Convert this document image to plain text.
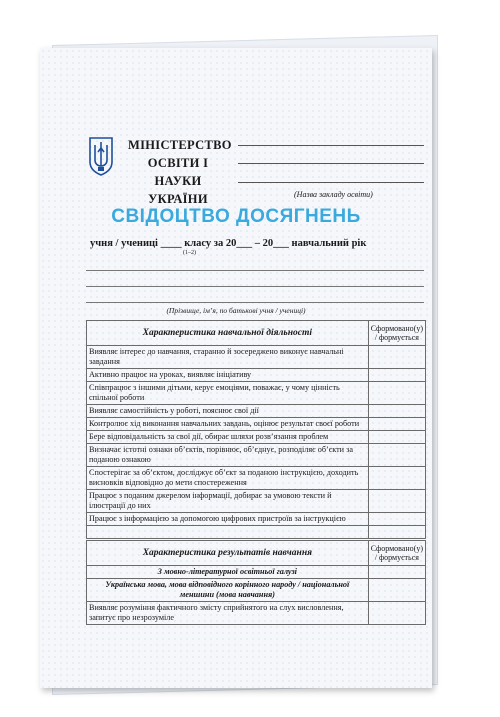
МІНІСТЕРСТВО
ОСВІТИ І НАУКИ
УКРАЇНИ	(Назва закладу освіти)
СВІДОЦТВО ДОСЯГНЕНЬ
учня / учениці ____ класу за 20___ – 20___ навчальний рік
(1–2)
(Прізвище, ім’я, по батькові учня / учениці)
Характеристика навчальної діяльності	Сформовано(у) / формується
Виявляє інтерес до навчання, старанно й зосереджено виконує навчальні завдання	
Активно працює на уроках, виявляє ініціативу	
Співпрацює з іншими дітьми, керує емоціями, поважає, у чому цінність спільної роботи	
Виявляє самостійність у роботі, пояснює свої дії	
Контролює хід виконання навчальних завдань, оцінює результат своєї роботи	
Бере відповідальність за свої дії, обирає шляхи розв’язання проблем	
Визначає істотні ознаки об’єктів, порівнює, об’єднує, розподіляє об’єкти за поданою ознакою	
Спостерігає за об’єктом, досліджує об’єкт за поданою інструкцією, доходить висновків відповідно до мети спостереження	
Працює з поданим джерелом інформації, добирає за умовою тексти й ілюстрації до них	
Працює з інформацією за допомогою цифрових пристроїв за інструкцією	

Характеристика результатів навчання	Сформовано(у) / формується
З мовно-літературної освітньої галузі	
Українська мова, мова відповідного корінного народу / національної меншини (мова навчання)	
Виявляє розуміння фактичного змісту сприйнятого на слух висловлення, запитує про незрозуміле	
